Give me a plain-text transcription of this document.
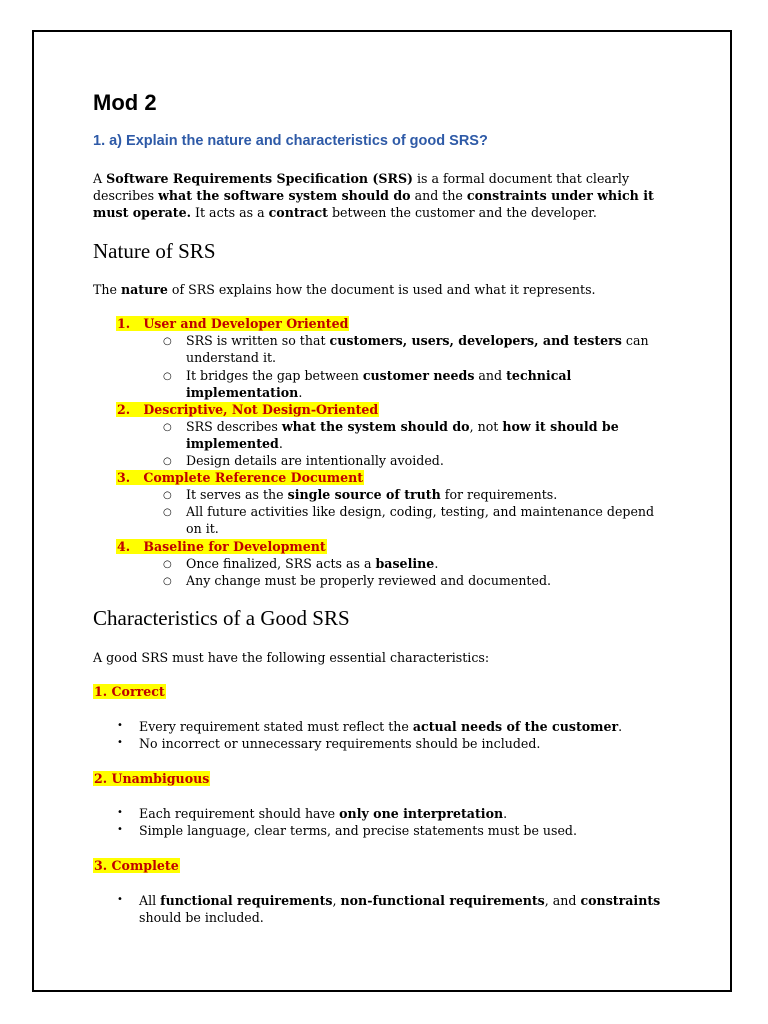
Mod 2
1. a) Explain the nature and characteristics of good SRS?
A Software Requirements Specification (SRS) is a formal document that clearly
describes what the software system should do and the constraints under which it
must operate. It acts as a contract between the customer and the developer.
Nature of SRS
The nature of SRS explains how the document is used and what it represents.
1. User and Developer Oriented
○ SRS is written so that customers, users, developers, and testers can
understand it.
○ It bridges the gap between customer needs and technical
implementation.
2. Descriptive, Not Design-Oriented
○ SRS describes what the system should do, not how it should be
implemented.
○ Design details are intentionally avoided.
3. Complete Reference Document
○ It serves as the single source of truth for requirements.
○ All future activities like design, coding, testing, and maintenance depend
on it.
4. Baseline for Development
○ Once finalized, SRS acts as a baseline.
○ Any change must be properly reviewed and documented.
Characteristics of a Good SRS
A good SRS must have the following essential characteristics:
1. Correct
• Every requirement stated must reflect the actual needs of the customer.
• No incorrect or unnecessary requirements should be included.
2. Unambiguous
• Each requirement should have only one interpretation.
• Simple language, clear terms, and precise statements must be used.
3. Complete
• All functional requirements, non-functional requirements, and constraints
should be included.
